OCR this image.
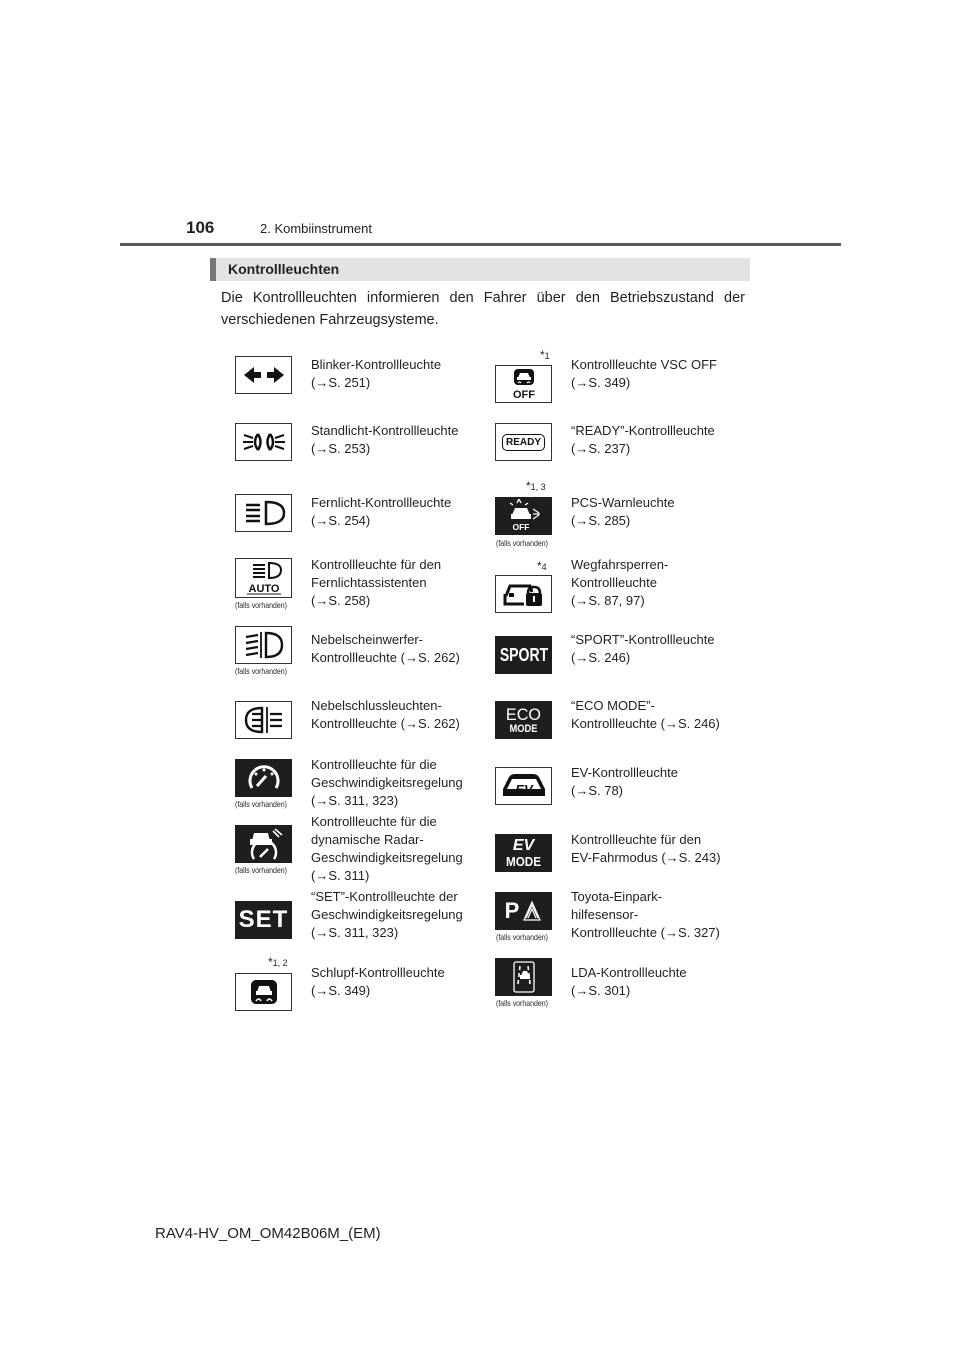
106	2. Kombiinstrument
Kontrollleuchten
Die Kontrollleuchten informieren den Fahrer über den Betriebszustand der verschiedenen Fahrzeugsysteme.
Blinker-Kontrollleuchte
(→S. 251)
Standlicht-Kontrollleuchte
(→S. 253)
Fernlicht-Kontrollleuchte
(→S. 254)
AUTO
(falls vorhanden)
Kontrollleuchte für den
Fernlichtassistenten
(→S. 258)
(falls vorhanden)
Nebelscheinwerfer-
Kontrollleuchte (→S. 262)
Nebelschlussleuchten-
Kontrollleuchte (→S. 262)
(falls vorhanden)
Kontrollleuchte für die
Geschwindigkeitsregelung
(→S. 311, 323)
(falls vorhanden)
Kontrollleuchte für die
dynamische Radar-
Geschwindigkeitsregelung
(→S. 311)
SET
“SET”-Kontrollleuchte der
Geschwindigkeitsregelung
(→S. 311, 323)
*1, 2
Schlupf-Kontrollleuchte
(→S. 349)
*1
OFF
Kontrollleuchte VSC OFF
(→S. 349)
READY
“READY”-Kontrollleuchte
(→S. 237)
*1, 3
OFF
(falls vorhanden)
PCS-Warnleuchte
(→S. 285)
*4 Wegfahrsperren-
Kontrollleuchte
(→S. 87, 97)
SPORT
“SPORT”-Kontrollleuchte
(→S. 246)
ECO
MODE
“ECO MODE”-
Kontrollleuchte (→S. 246)
EV
EV-Kontrollleuchte
(→S. 78)
EV
MODE
Kontrollleuchte für den
EV-Fahrmodus (→S. 243)
P
(falls vorhanden)
Toyota-Einpark-
hilfesensor-
Kontrollleuchte (→S. 327)
(falls vorhanden)
LDA-Kontrollleuchte
(→S. 301)
RAV4-HV_OM_OM42B06M_(EM)
